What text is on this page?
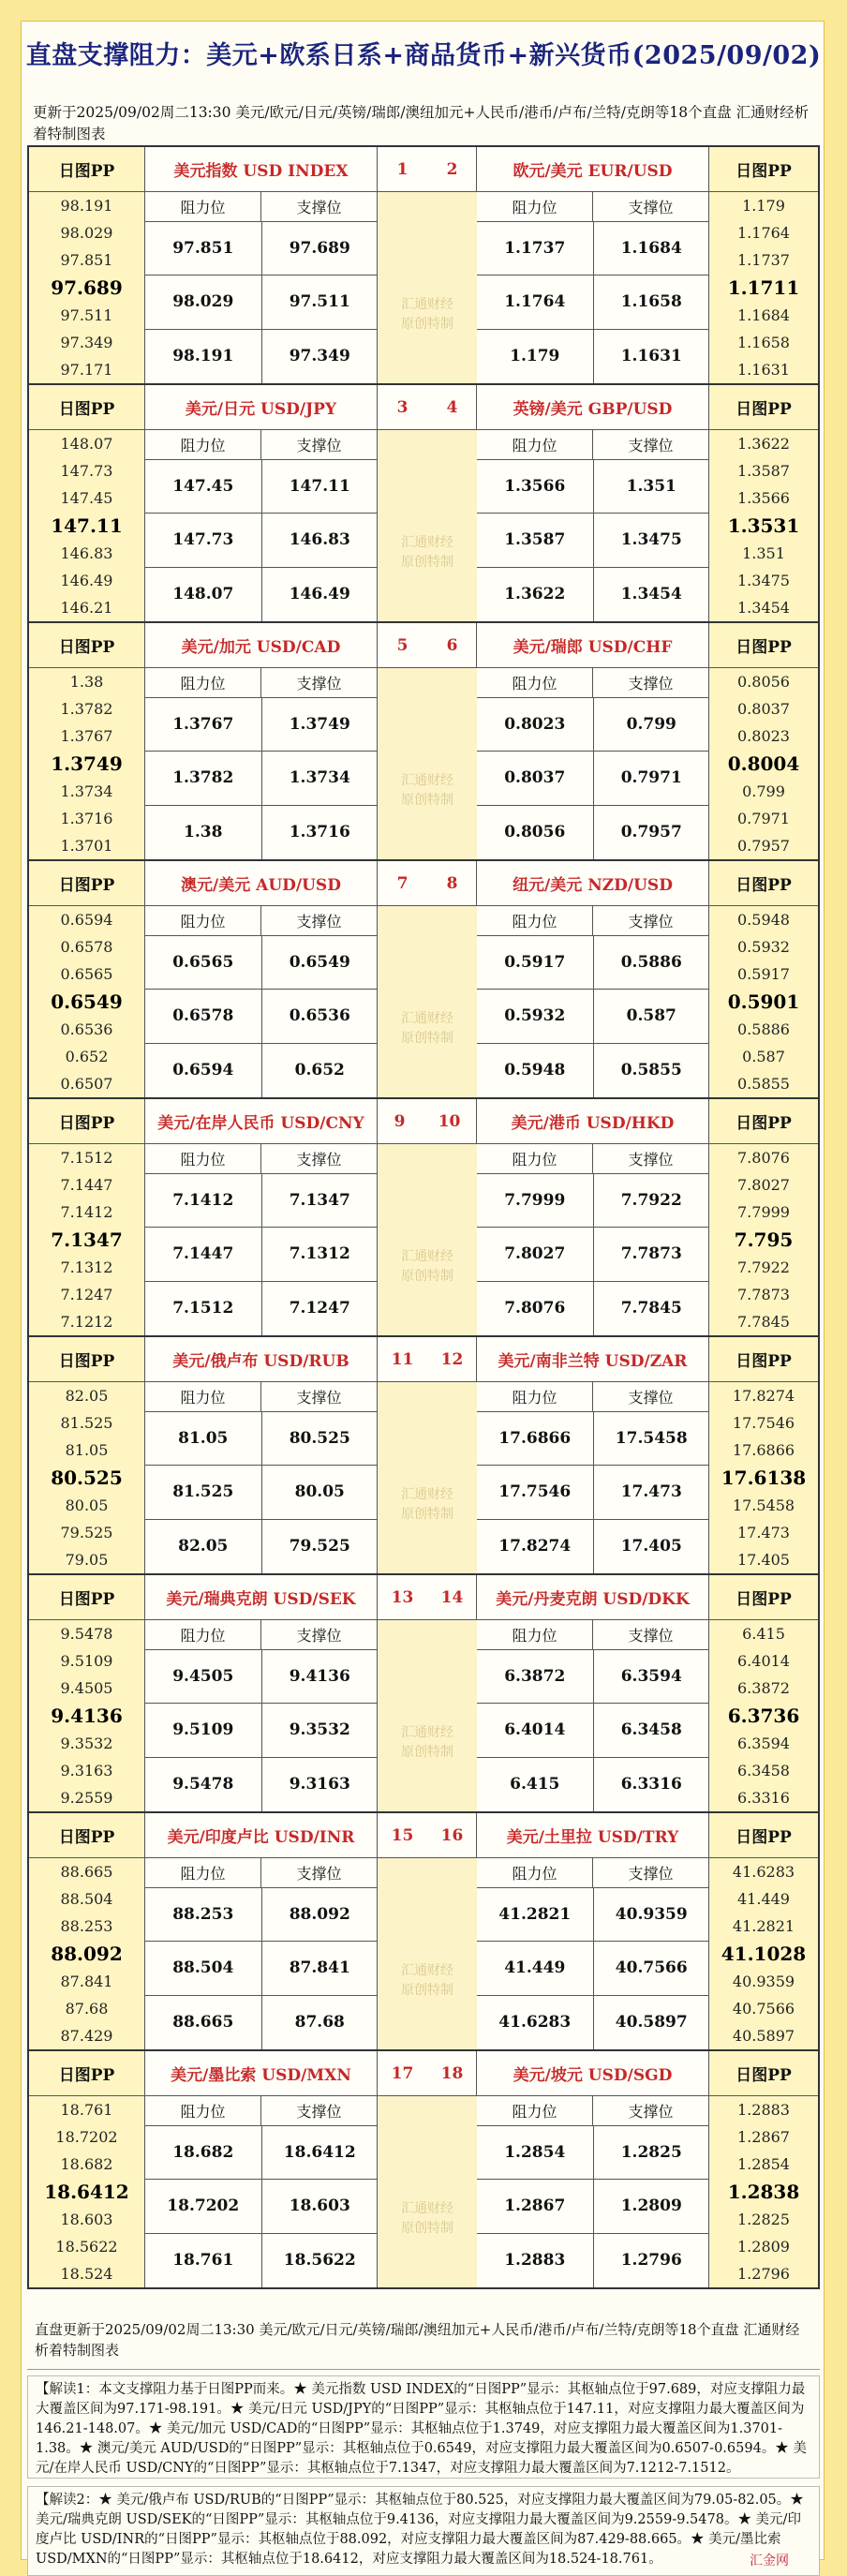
直盘支撑阻力：美元+欧系日系+商品货币+新兴货币(2025/09/02)
更新于2025/09/02周二13:30 美元/欧元/日元/英镑/瑞郎/澳纽加元+人民币/港币/卢布/兰特/克朗等18个直盘 汇通财经析着特制图表
日图PP
98.191
98.029
97.851
97.689
97.511
97.349
97.171
美元指数 USD INDEX
阻力位	支撑位
97.851	97.689
98.029	97.511
98.191	97.349
1 2
汇通财经
原创特制
欧元/美元 EUR/USD
阻力位	支撑位
1.1737	1.1684
1.1764	1.1658
1.179	1.1631
日图PP
1.179
1.1764
1.1737
1.1711
1.1684
1.1658
1.1631
日图PP
148.07
147.73
147.45
147.11
146.83
146.49
146.21
美元/日元 USD/JPY
阻力位	支撑位
147.45	147.11
147.73	146.83
148.07	146.49
3 4
汇通财经
原创特制
英镑/美元 GBP/USD
阻力位	支撑位
1.3566	1.351
1.3587	1.3475
1.3622	1.3454
日图PP
1.3622
1.3587
1.3566
1.3531
1.351
1.3475
1.3454
日图PP
1.38
1.3782
1.3767
1.3749
1.3734
1.3716
1.3701
美元/加元 USD/CAD
阻力位	支撑位
1.3767	1.3749
1.3782	1.3734
1.38	1.3716
5 6
汇通财经
原创特制
美元/瑞郎 USD/CHF
阻力位	支撑位
0.8023	0.799
0.8037	0.7971
0.8056	0.7957
日图PP
0.8056
0.8037
0.8023
0.8004
0.799
0.7971
0.7957
日图PP
0.6594
0.6578
0.6565
0.6549
0.6536
0.652
0.6507
澳元/美元 AUD/USD
阻力位	支撑位
0.6565	0.6549
0.6578	0.6536
0.6594	0.652
7 8
汇通财经
原创特制
纽元/美元 NZD/USD
阻力位	支撑位
0.5917	0.5886
0.5932	0.587
0.5948	0.5855
日图PP
0.5948
0.5932
0.5917
0.5901
0.5886
0.587
0.5855
日图PP
7.1512
7.1447
7.1412
7.1347
7.1312
7.1247
7.1212
美元/在岸人民币 USD/CNY
阻力位	支撑位
7.1412	7.1347
7.1447	7.1312
7.1512	7.1247
9 10
汇通财经
原创特制
美元/港币 USD/HKD
阻力位	支撑位
7.7999	7.7922
7.8027	7.7873
7.8076	7.7845
日图PP
7.8076
7.8027
7.7999
7.795
7.7922
7.7873
7.7845
日图PP
82.05
81.525
81.05
80.525
80.05
79.525
79.05
美元/俄卢布 USD/RUB
阻力位	支撑位
81.05	80.525
81.525	80.05
82.05	79.525
11 12
汇通财经
原创特制
美元/南非兰特 USD/ZAR
阻力位	支撑位
17.6866	17.5458
17.7546	17.473
17.8274	17.405
日图PP
17.8274
17.7546
17.6866
17.6138
17.5458
17.473
17.405
日图PP
9.5478
9.5109
9.4505
9.4136
9.3532
9.3163
9.2559
美元/瑞典克朗 USD/SEK
阻力位	支撑位
9.4505	9.4136
9.5109	9.3532
9.5478	9.3163
13 14
汇通财经
原创特制
美元/丹麦克朗 USD/DKK
阻力位	支撑位
6.3872	6.3594
6.4014	6.3458
6.415	6.3316
日图PP
6.415
6.4014
6.3872
6.3736
6.3594
6.3458
6.3316
日图PP
88.665
88.504
88.253
88.092
87.841
87.68
87.429
美元/印度卢比 USD/INR
阻力位	支撑位
88.253	88.092
88.504	87.841
88.665	87.68
15 16
汇通财经
原创特制
美元/土里拉 USD/TRY
阻力位	支撑位
41.2821	40.9359
41.449	40.7566
41.6283	40.5897
日图PP
41.6283
41.449
41.2821
41.1028
40.9359
40.7566
40.5897
日图PP
18.761
18.7202
18.682
18.6412
18.603
18.5622
18.524
美元/墨比索 USD/MXN
阻力位	支撑位
18.682	18.6412
18.7202	18.603
18.761	18.5622
17 18
汇通财经
原创特制
美元/坡元 USD/SGD
阻力位	支撑位
1.2854	1.2825
1.2867	1.2809
1.2883	1.2796
日图PP
1.2883
1.2867
1.2854
1.2838
1.2825
1.2809
1.2796
直盘更新于2025/09/02周二13:30 美元/欧元/日元/英镑/瑞郎/澳纽加元+人民币/港币/卢布/兰特/克朗等18个直盘 汇通财经析着特制图表
【解读1：本文支撑阻力基于日图PP而来。★ 美元指数 USD INDEX的“日图PP”显示：其枢轴点位于97.689，对应支撑阻力最大覆盖区间为97.171-98.191。★ 美元/日元 USD/JPY的“日图PP”显示：其枢轴点位于147.11，对应支撑阻力最大覆盖区间为146.21-148.07。★ 美元/加元 USD/CAD的“日图PP”显示：其枢轴点位于1.3749，对应支撑阻力最大覆盖区间为1.3701-1.38。★ 澳元/美元 AUD/USD的“日图PP”显示：其枢轴点位于0.6549，对应支撑阻力最大覆盖区间为0.6507-0.6594。★ 美元/在岸人民币 USD/CNY的“日图PP”显示：其枢轴点位于7.1347，对应支撑阻力最大覆盖区间为7.1212-7.1512。
【解读2：★ 美元/俄卢布 USD/RUB的“日图PP”显示：其枢轴点位于80.525，对应支撑阻力最大覆盖区间为79.05-82.05。★ 美元/瑞典克朗 USD/SEK的“日图PP”显示：其枢轴点位于9.4136，对应支撑阻力最大覆盖区间为9.2559-9.5478。★ 美元/印度卢比 USD/INR的“日图PP”显示：其枢轴点位于88.092，对应支撑阻力最大覆盖区间为87.429-88.665。★ 美元/墨比索 USD/MXN的“日图PP”显示：其枢轴点位于18.6412，对应支撑阻力最大覆盖区间为18.524-18.761。	汇金网
